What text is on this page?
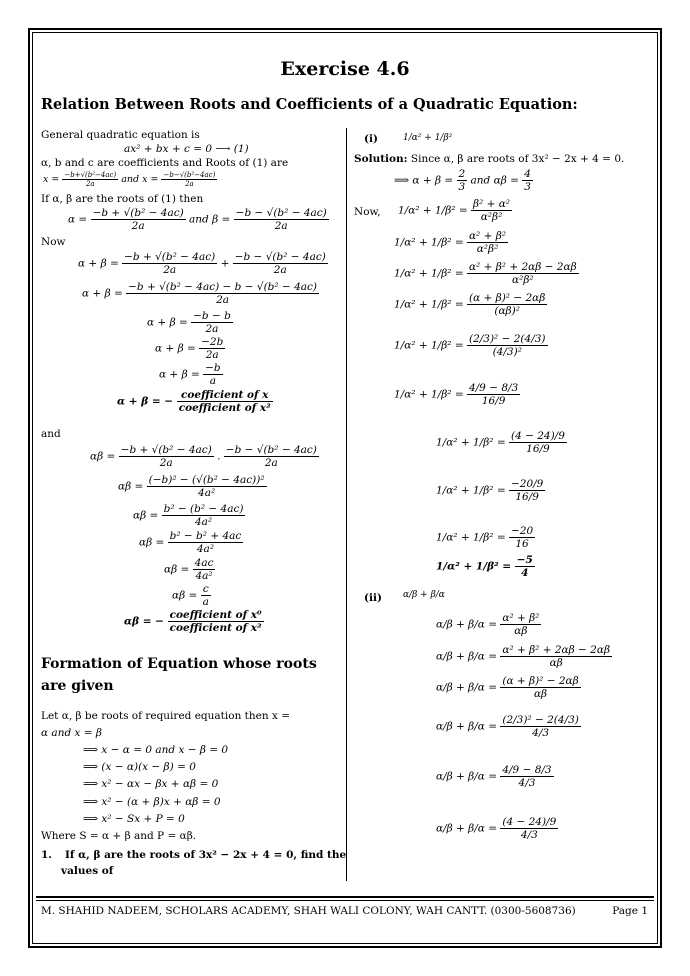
Exercise 4.6
Relation Between Roots and Coefficients of a Quadratic Equation:
General quadratic equation is
ax² + bx + c = 0 ⟶ (1)
α, b and c are coefficients and Roots of (1) are
$x = \frac{\text{−b+√(b²−4ac)}}{2a}$ and $x = \frac{\text{−b−√(b²−4ac)}}{2a}$
If α, β are the roots of (1) then
$\alpha = \frac{\text{−b + √(b² − 4ac)}}{2a}$ and $\beta = \frac{\text{−b − √(b² − 4ac)}}{2a}$
Now
$\alpha + \beta = \frac{\text{−b + √(b² − 4ac)}}{2a} + \frac{\text{−b − √(b² − 4ac)}}{2a}$
$\alpha + \beta = \frac{\text{−b + √(b² − 4ac) − b − √(b² − 4ac)}}{2a}$
$\alpha + \beta = \frac{-b - b}{2a}$
$\alpha + \beta = \frac{-2b}{2a}$
$\alpha + \beta = \frac{-b}{a}$
α + β = − $\frac{\text{coefficient of x}}{\text{coefficient of x²}}$
and
$\alpha\beta = \frac{\text{−b + √(b² − 4ac)}}{2a}$ . $\frac{\text{−b − √(b² − 4ac)}}{2a}$
$\alpha\beta = \frac{\text{(−b)² − (√(b² − 4ac))²}}{\text{4a²}}$
$\alpha\beta = \frac{\text{b² − (b² − 4ac)}}{\text{4a²}}$
$\alpha\beta = \frac{\text{b² − b² + 4ac}}{\text{4a²}}$
$\alpha\beta = \frac{4ac}{\text{4a²}}$
$\alpha\beta = \frac{c}{a}$
αβ = − $\frac{\text{coefficient of x⁰}}{\text{coefficient of x²}}$
Formation of Equation whose roots are given
Let α, β be roots of required equation then x =
α and x = β
⟹ x − α = 0 and x − β = 0
⟹ (x − α)(x − β) = 0
⟹ x² − αx − βx + αβ = 0
⟹ x² − (α + β)x + αβ = 0
⟹ x² − Sx + P = 0
Where S = α + β and P = αβ.
1. If α, β are the roots of 3x² − 2x + 4 = 0, find the
values of
(i)	1/α² + 1/β²
Solution: Since α, β are roots of 3x² − 2x + 4 = 0.
⟹ $\alpha + \beta = \frac{2}{3}$ and $\alpha\beta = \frac{4}{3}$
Now, $1/\alpha^2 + 1/\beta^2 = \frac{\text{β² + α²}}{\text{α²β²}}$
$1/\alpha^2 + 1/\beta^2 = \frac{\text{α² + β²}}{\text{α²β²}}$
$1/\alpha^2 + 1/\beta^2 = \frac{\text{α² + β² + 2αβ − 2αβ}}{\text{α²β²}}$
$1/\alpha^2 + 1/\beta^2 = \frac{\text{(α + β)² − 2αβ}}{\text{(αβ)²}}$
$1/\alpha^2 + 1/\beta^2 = \frac{\text{(2/3)² − 2(4/3)}}{\text{(4/3)²}}$
$1/\alpha^2 + 1/\beta^2 = \frac{4/9 - 8/3}{16/9}$
$1/\alpha^2 + 1/\beta^2 = \frac{(4 - 24)/9}{16/9}$
$1/\alpha^2 + 1/\beta^2 = \frac{-20/9}{16/9}$
$1/\alpha^2 + 1/\beta^2 = \frac{-20}{16}$
$1/\alpha^2 + 1/\beta^2 = \frac{-5}{4}$
(ii) α/β + β/α
$\alpha/\beta + \beta/\alpha = \frac{\text{α² + β²}}{\alpha\beta}$
$\alpha/\beta + \beta/\alpha = \frac{\text{α² + β² + 2αβ − 2αβ}}{\alpha\beta}$
$\alpha/\beta + \beta/\alpha = \frac{\text{(α + β)² − 2αβ}}{\alpha\beta}$
$\alpha/\beta + \beta/\alpha = \frac{\text{(2/3)² − 2(4/3)}}{4/3}$
$\alpha/\beta + \beta/\alpha = \frac{4/9 - 8/3}{4/3}$
$\alpha/\beta + \beta/\alpha = \frac{(4 - 24)/9}{4/3}$
M. SHAHID NADEEM, SCHOLARS ACADEMY, SHAH WALI COLONY, WAH CANTT. (0300-5608736)	Page 1
